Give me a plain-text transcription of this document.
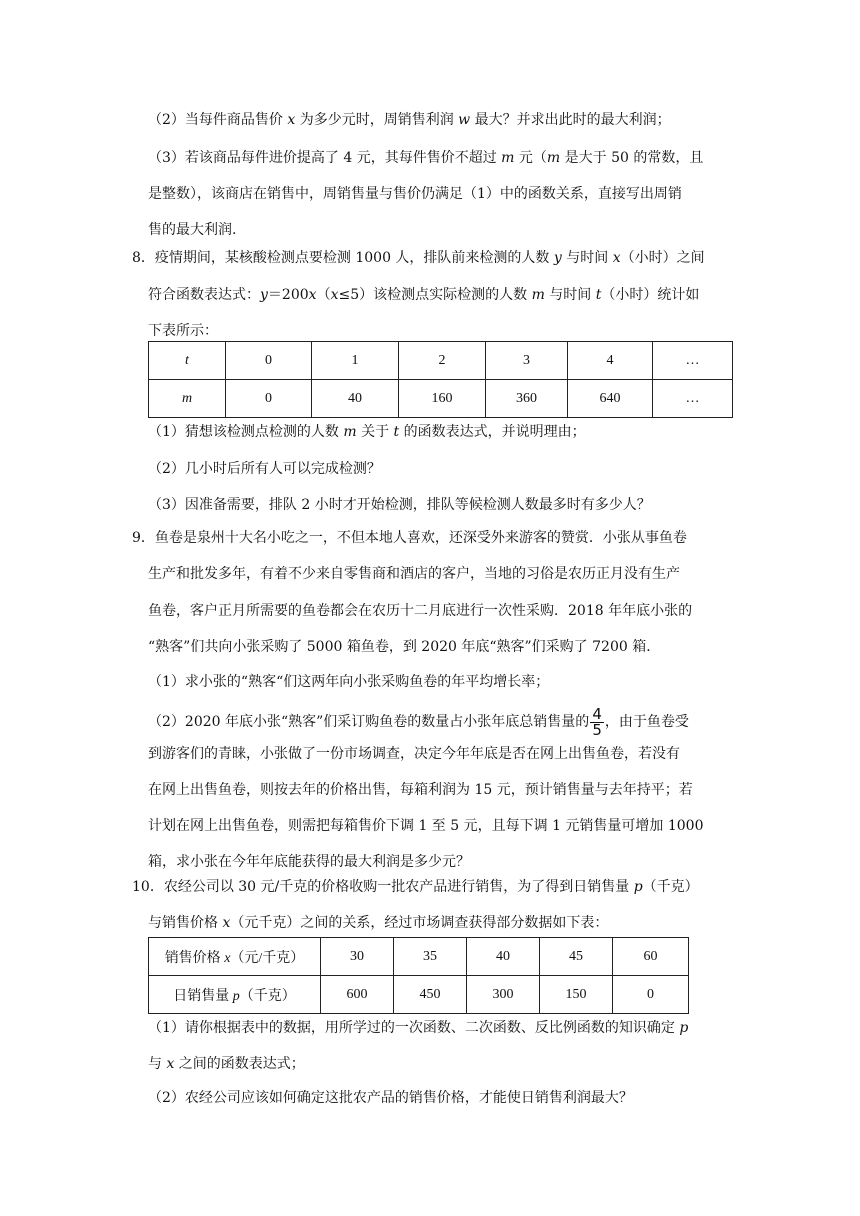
（2）当每件商品售价 x 为多少元时，周销售利润 w 最大？并求出此时的最大利润；
（3）若该商品每件进价提高了 4 元，其每件售价不超过 m 元（m 是大于 50 的常数，且
是整数），该商店在销售中，周销售量与售价仍满足（1）中的函数关系，直接写出周销
售的最大利润.
8．疫情期间，某核酸检测点要检测 1000 人，排队前来检测的人数 y 与时间 x（小时）之间
符合函数表达式：y＝200x（x≤5）该检测点实际检测的人数 m 与时间 t（小时）统计如
下表所示：
t	0	1	2	3	4	…
m	0	40	160	360	640	…
（1）猜想该检测点检测的人数 m 关于 t 的函数表达式，并说明理由；
（2）几小时后所有人可以完成检测？
（3）因准备需要，排队 2 小时才开始检测，排队等候检测人数最多时有多少人？
9．鱼卷是泉州十大名小吃之一，不但本地人喜欢，还深受外来游客的赞赏．小张从事鱼卷
生产和批发多年，有着不少来自零售商和酒店的客户，当地的习俗是农历正月没有生产
鱼卷，客户正月所需要的鱼卷都会在农历十二月底进行一次性采购．2018 年年底小张的
“熟客”们共向小张采购了 5000 箱鱼卷，到 2020 年底“熟客”们采购了 7200 箱．
（1）求小张的“熟客“们这两年向小张采购鱼卷的年平均增长率；
（2）2020 年底小张“熟客”们采订购鱼卷的数量占小张年底总销售量的 $\frac{4}{5}$ ，由于鱼卷受
到游客们的青睐，小张做了一份市场调查，决定今年年底是否在网上出售鱼卷，若没有
在网上出售鱼卷，则按去年的价格出售，每箱利润为 15 元，预计销售量与去年持平；若
计划在网上出售鱼卷，则需把每箱售价下调 1 至 5 元，且每下调 1 元销售量可增加 1000
箱，求小张在今年年底能获得的最大利润是多少元？
10．农经公司以 30 元/千克的价格收购一批农产品进行销售，为了得到日销售量 p（千克）
与销售价格 x（元千克）之间的关系，经过市场调查获得部分数据如下表：
销售价格 x（元/千克）	30	35	40	45	60
日销售量 p（千克）	600	450	300	150	0
（1）请你根据表中的数据，用所学过的一次函数、二次函数、反比例函数的知识确定 p
与 x 之间的函数表达式；
（2）农经公司应该如何确定这批农产品的销售价格，才能使日销售利润最大？
